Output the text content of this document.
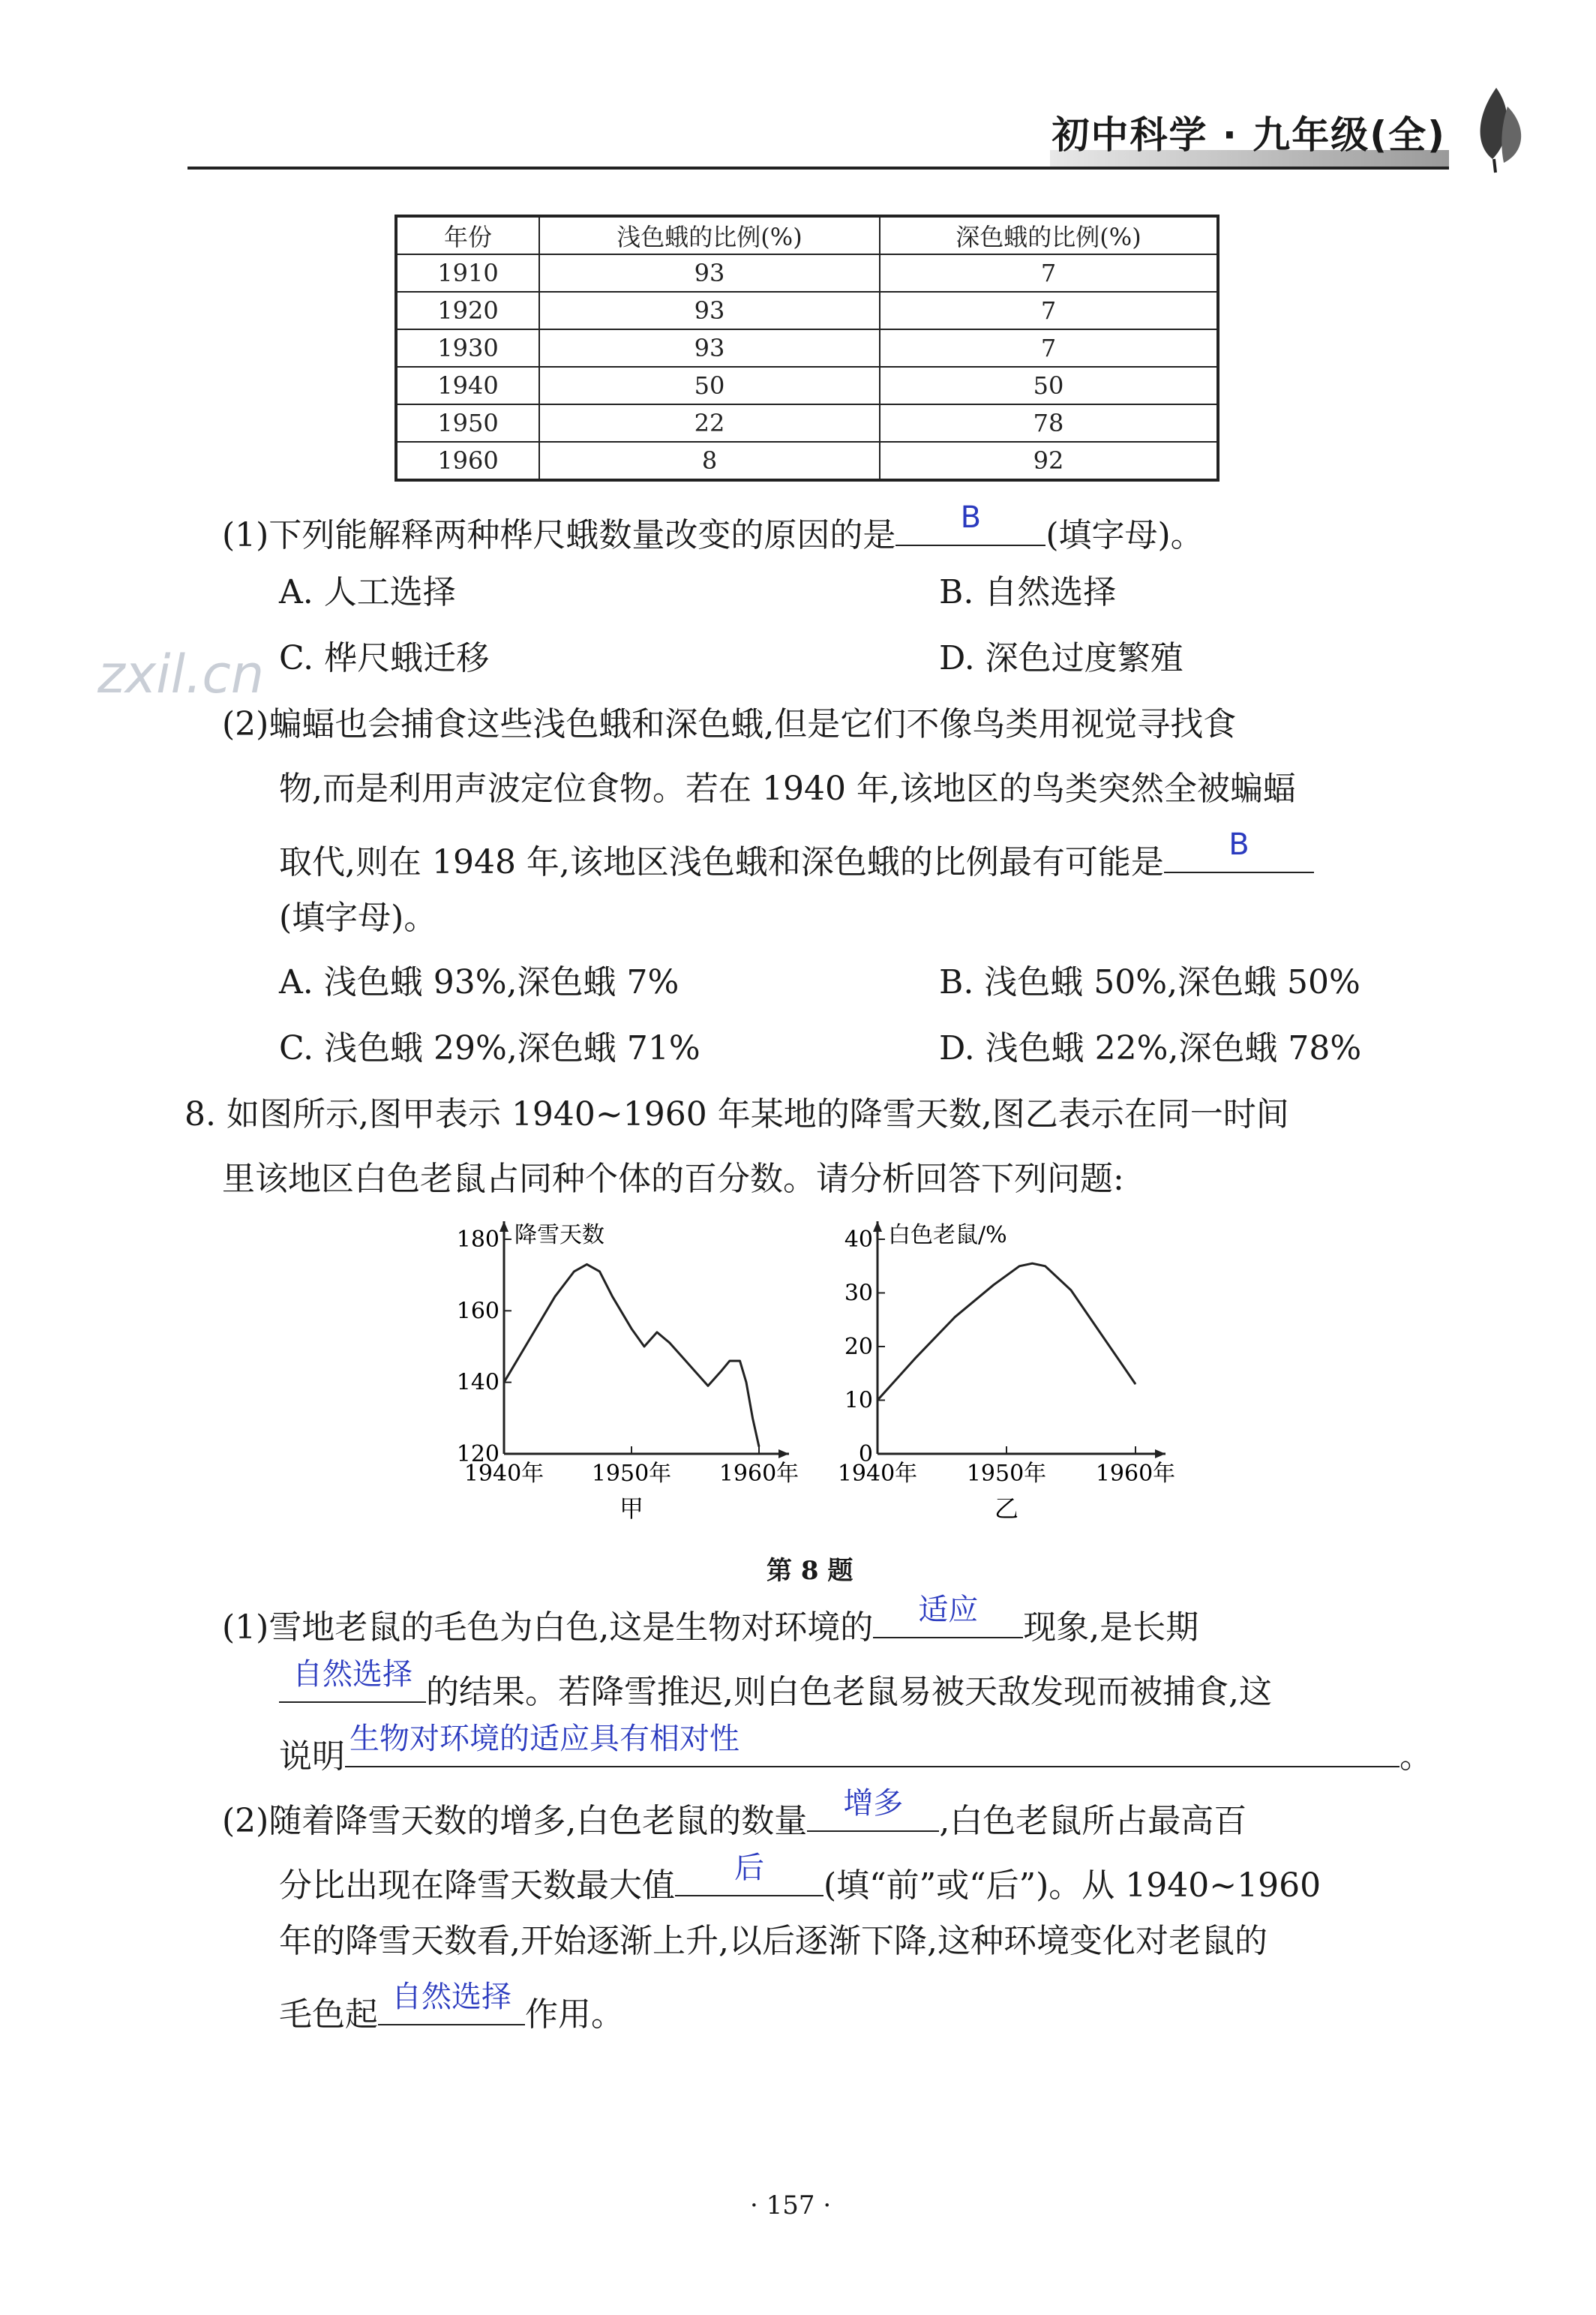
初中科学 · 九年级(全)
年份	浅色蛾的比例(%)	深色蛾的比例(%)
1910	93	7
1920	93	7
1930	93	7
1940	50	50
1950	22	78
1960	8	92
zxil.cn
(1)下列能解释两种桦尺蛾数量改变的原因的是	B	(填字母)。
A. 人工选择	B. 自然选择
C. 桦尺蛾迁移	D. 深色过度繁殖
(2)蝙蝠也会捕食这些浅色蛾和深色蛾,但是它们不像鸟类用视觉寻找食
物,而是利用声波定位食物。若在 1940 年,该地区的鸟类突然全被蝙蝠
取代,则在 1948 年,该地区浅色蛾和深色蛾的比例最有可能是	B
(填字母)。
A. 浅色蛾 93%,深色蛾 7%	B. 浅色蛾 50%,深色蛾 50%
C. 浅色蛾 29%,深色蛾 71%	D. 浅色蛾 22%,深色蛾 78%
8. 如图所示,图甲表示 1940~1960 年某地的降雪天数,图乙表示在同一时间
里该地区白色老鼠占同种个体的百分数。请分析回答下列问题:
120
140
160
180
1940年 1950年 1960年
降雪天数
甲
0
10
20
30
40
1940年 1950年 1960年
白色老鼠/%
乙
第 8 题
(1)雪地老鼠的毛色为白色,这是生物对环境的	适应	现象,是长期
自然选择 的结果。若降雪推迟,则白色老鼠易被天敌发现而被捕食,这
说明 生物对环境的适应具有相对性	。
(2)随着降雪天数的增多,白色老鼠的数量	增多	,白色老鼠所占最高百
分比出现在降雪天数最大值	后	(填“前”或“后”)。从 1940~1960
年的降雪天数看,开始逐渐上升,以后逐渐下降,这种环境变化对老鼠的
毛色起 自然选择 作用。
· 157 ·
